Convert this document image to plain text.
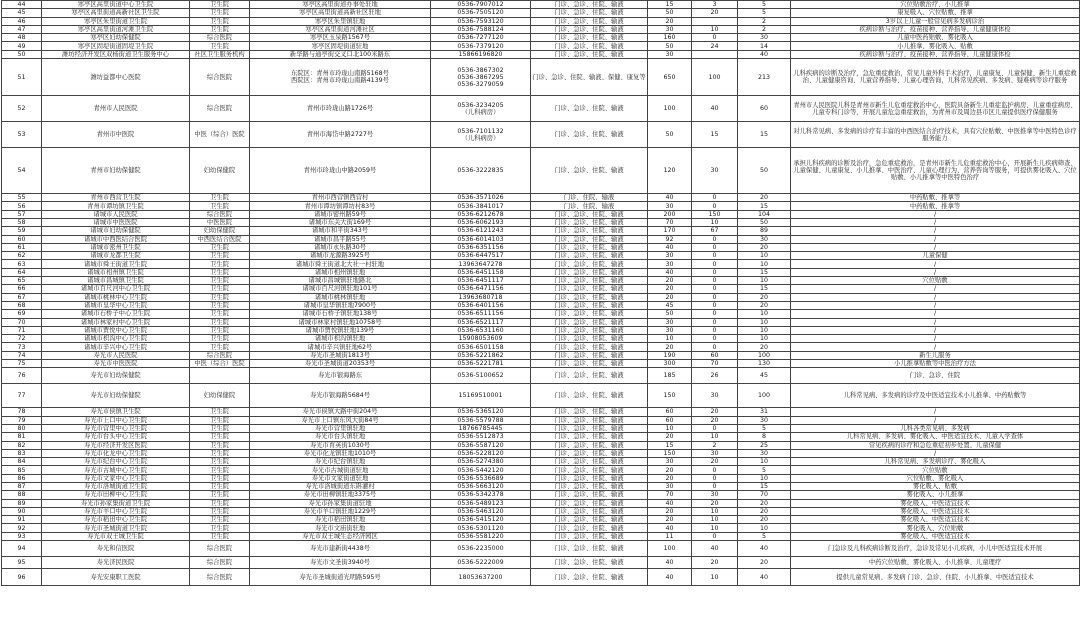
44	寒亭区高里街道中心卫生院	卫生院	寒亭区高里街道办事处驻地	0536-7907012	门诊、急诊、住院、输液	15	3	5	穴位贴敷治疗、小儿推拿
45	寒亭区高里街道高新社区卫生院	卫生院	寒亭区高里街道高新社区驻地	0536-7505120	门诊、急诊、住院、输液	50	20	5	康复吸入、穴位贴敷、推拿
46	寒亭区朱里街道卫生院	卫生院	寒亭区朱里镇驻地	0536-7593120	门诊、急诊、住院、输液	20		2	3岁以上儿童一般常见病多发病诊治
47	寒亭区高里街道河滩卫生院	卫生院	寒亭区高里街道河滩社区	0536-7588124	门诊、急诊、住院、输液	30	10	2	疾病诊断与治疗、疫苗接种、营养指导、儿童健康体检
48	寒亭区妇幼保健院	综合医院	寒亭区玉泉路1567号	0536-7277120	门诊、急诊、住院、输液	160	0	30	儿童中医药贴敷、雾化吸入
49	寒亭区固堤街道固堤卫生院	卫生院	寒亭区固堤街道驻地	0536-7379120	门诊、急诊、住院、输液	50	24	14	小儿推拿、雾化吸入、贴敷
50	潍坊经济开发区双杨街道卫生服务中心	社区卫生服务机构	新华路与通亭街交叉口北100米路东	15866196820	门诊、急诊、住院、输液	30		40	疾病诊断与治疗、疫苗接种、营养指导、儿童健康体检
51	潍坊益都中心医院	综合医院	东院区：青州市玲珑山南路5168号
西院区：青州市玲珑山南路4139号	0536-3867302
0536-3867295
0536-3279059	门诊、急诊、住院、输液、保健、康复等	650	100	213	儿科疾病的诊断及治疗，急危重症救治，常见儿童外科手术治疗，儿童康复、儿童保健、新生儿重症救治、儿童健康咨询、儿童营养指导、儿童心理咨询，儿科常见疾病、多发病、疑难病等诊疗服务
52	青州市人民医院	综合医院	青州市玲珑山路1726号	0536-3234205
（儿科病房）	门诊、急诊、住院、输液	100	40	60	青州市人民医院儿科是青州市新生儿危重症救治中心，医院具备新生儿重症监护病房、儿童重症病房、儿童专科门诊等，开展儿童危急重症救治，为青州市及周边县市区儿童提供医疗保健服务
53	青州市中医院	中医（综合）医院	青州市海岱中路2727号	0536-7101132
（儿科病房）	门诊、急诊、住院、输液	50	15	15	对儿科常见病、多发病的诊疗有丰富的中西医结合治疗技术，具有穴位贴敷、中医推拿等中医特色诊疗服务能力
54	青州市妇幼保健院	妇幼保健院	青州市玲珑山中路2059号	0536-3222835	门诊、急诊、住院、输液	120	30	50	承担儿科疾病的诊断及治疗，急危重症救治，是青州市新生儿危重症救治中心，开展新生儿疾病筛查、儿童保健、儿童康复、小儿推拿、中医治疗、儿童心理行为、营养咨询等服务，可提供雾化吸入、穴位贴敷、小儿推拿等中医特色治疗
55	青州市西营卫生院	卫生院	青州市西营镇西营村	0536-3571026	门诊、住院、输液	40	0	20	中药贴敷、推拿等
56	青州市谭坊镇卫生院	卫生院	青州市谭坊镇谭坊村83号	0536-3841017	门诊、住院、输液	30	0	15	中药贴敷、推拿等
57	诸城市人民医院	综合医院	诸城市密州路59号	0536-6212678	门诊、急诊、住院、输液	200	150	104	/
58	诸城市中医医院	中医医院	诸城市东关大街169号	0536-6062193	门诊、急诊、住院、输液	70	10	50	/
59	诸城市妇幼保健院	妇幼保健院	诸城市和平街343号	0536-6121243	门诊、急诊、住院、输液	170	67	89	/
60	诸城市中西医结合医院	中西医结合医院	诸城市昌平路55号	0536-6014103	门诊、急诊、住院、输液	92	0	30	/
61	诸城市密州卫生院	卫生院	诸城市永乐路30号	0536-6351156	门诊、急诊、住院、输液	40	0	20	/
62	诸城市龙都卫生院	卫生院	诸城市龙源路3925号	0536-6447517	门诊、急诊、住院、输液	30	0	10	儿童保健
63	诸城市舜王街道卫生院	卫生院	诸城市舜王街道北大社一村驻地	13963647278	门诊、急诊、住院、输液	30	0	10	/
64	诸城市相州镇卫生院	卫生院	诸城市相州镇驻地	0536-6451158	门诊、急诊、住院、输液	40	0	15	/
65	诸城市昌城镇卫生院	卫生院	诸城市昌城镇驻地路北	0536-6451117	门诊、急诊、住院、输液	20	0	10	穴位贴敷
66	诸城市百尺河中心卫生院	卫生院	诸城市百尺河镇驻地101号	0536-6471156	门诊、急诊、住院、输液	20	0	15	/
67	诸城市桃林中心卫生院	卫生院	诸城市桃林镇驻地	13963680718	门诊、急诊、住院、输液	20	0	20	/
68	诸城市皇华中心卫生院	卫生院	诸城市皇华镇驻地7900号	0536-6401156	门诊、急诊、住院、输液	45	0	20	/
69	诸城市石桥子中心卫生院	卫生院	诸城市石桥子镇驻地138号	0536-6511156	门诊、急诊、住院、输液	50	0	10	/
70	诸城市林家村中心卫生院	卫生院	诸城市林家村镇驻地10758号	0536-6521117	门诊、急诊、住院、输液	30	0	10	/
71	诸城市贾悦中心卫生院	卫生院	诸城市贾悦镇驻地139号	0536-6531160	门诊、急诊、住院、输液	30	0	10	/
72	诸城市枳沟中心卫生院	卫生院	诸城市枳沟镇驻地	15908053609	门诊、急诊、住院、输液	10	0	10	/
73	诸城市辛兴中心卫生院	卫生院	诸城市辛兴镇驻地62号	0536-6501158	门诊、急诊、住院、输液	20	0	20	/
74	寿光市人民医院	综合医院	寿光市圣城街1813号	0536-5221862	门诊、急诊、住院、输液	190	60	100	新生儿服务
75	寿光市中医医院	中医（综合）医院	寿光市圣城街道20353号	0536-5221781	门诊、急诊、住院、输液	300	70	130	小儿推拿贴敷等中医治疗方法
76	寿光市妇幼保健院		寿光市银海路东	0536-5100652	门诊、急诊、住院、输液	185	26	45	门诊、急诊、住院
77	寿光市妇幼保健院	妇幼保健院	寿光市银海路5684号	15169510001	门诊、急诊、住院、输液	150	30	100	儿科常见病、多发病的诊疗及中医适宜技术小儿推拿、中药贴敷等
78	寿光市侯镇卫生院	卫生院	寿光市侯镇大路中街204号	0536-5365120	门诊、急诊、住院、输液	60	20	31	/
79	寿光市上口中心卫生院	卫生院	寿光市上口镇东风大街84号	0536-5579788	门诊、急诊、住院、输液	60	20	30	/
80	寿光市营里中心卫生院	卫生院	寿光市营里镇驻地	18766785445	门诊、急诊、住院、输液	10	0	5	儿科各类常见病、多发病
81	寿光市台头中心卫生院	卫生院	寿光市台头镇驻地	0536-5512873	门诊、急诊、住院、输液	20	10	8	儿科常见病、多发病、雾化吸入、中医适宜技术、儿童入学查体
82	寿光市经济开发区医院	卫生院	寿光市育英街1030号	0536-5587120	门诊、急诊、住院、输液	15	2	25	常见疾病的诊疗和急危重症初步处置、儿童保健
83	寿光市化龙中心卫生院	卫生院	寿光市化龙镇驻地1010号	0536-5228120	门诊、急诊、住院、输液	150	30	30	/
84	寿光市纪台中心卫生院	卫生院	寿光市纪台镇驻地	0536-5274380	门诊、急诊、住院、输液	30	20	10	儿科常见病、多发病诊疗、雾化吸入
85	寿光市古城中心卫生院	卫生院	寿光市古城街道驻地	0536-5442120	门诊、急诊、住院、输液	20	0	5	穴位贴敷
86	寿光市文家中心卫生院	卫生院	寿光市文家街道驻地	0536-5536689	门诊、急诊、住院、输液	20	0	10	穴位贴敷、雾化吸入
87	寿光市洛城街道卫生院	卫生院	寿光市洛城街道东斟灌村	0536-5663120	门诊、急诊、住院、输液	30	0	15	雾化吸入、贴敷
88	寿光市田柳中心卫生院	卫生院	寿光市田柳镇驻地3375号	0536-5342378	门诊、急诊、住院、输液	70	30	70	雾化吸入、小儿推拿
89	寿光市孙家集街道卫生院	卫生院	寿光市孙家集街道驻地	0536-5489123	门诊、急诊、住院、输液	40	20	20	雾化吸入、中医适宜技术
90	寿光市羊口中心卫生院	卫生院	寿光市羊口镇驻地1229号	0536-5463120	门诊、急诊、住院、输液	20	10	20	雾化吸入、中医适宜技术
91	寿光市稻田中心卫生院	卫生院	寿光市稻田镇驻地	0536-5415120	门诊、急诊、住院、输液	20	10	20	雾化吸入、中医适宜技术
92	寿光市圣城街道卫生院	卫生院	寿光市文庙街驻地	0536-5301120	门诊、急诊、住院、输液	40	10	10	雾化吸入、穴位贴敷
93	寿光市双王城卫生院	卫生院	寿光市双王城生态经济园区	0536-5581220	门诊、急诊、住院、输液	11	0	5	雾化吸入、中医适宜技术
94	寿光和信医院	综合医院	寿光市建新街4438号	0536-2235000	门诊、急诊、住院、输液	100	40	40	门急诊及儿科疾病诊断及治疗，急诊及常见小儿疾病，小儿中医适宜技术开展
95	寿光济民医院	综合医院	寿光市文圣街3940号	0536-5222009	门诊、急诊、住院、输液	40	20	20	中药穴位贴敷、雾化吸入、小儿推拿、儿童理疗
96	寿光安康职工医院	综合医院	寿光市圣城街道光明路595号	18053637200	门诊、急诊、住院、输液	40	10	40	提供儿童常见病、多发病 门诊、急诊、住院、小儿推拿、中医适宜技术
